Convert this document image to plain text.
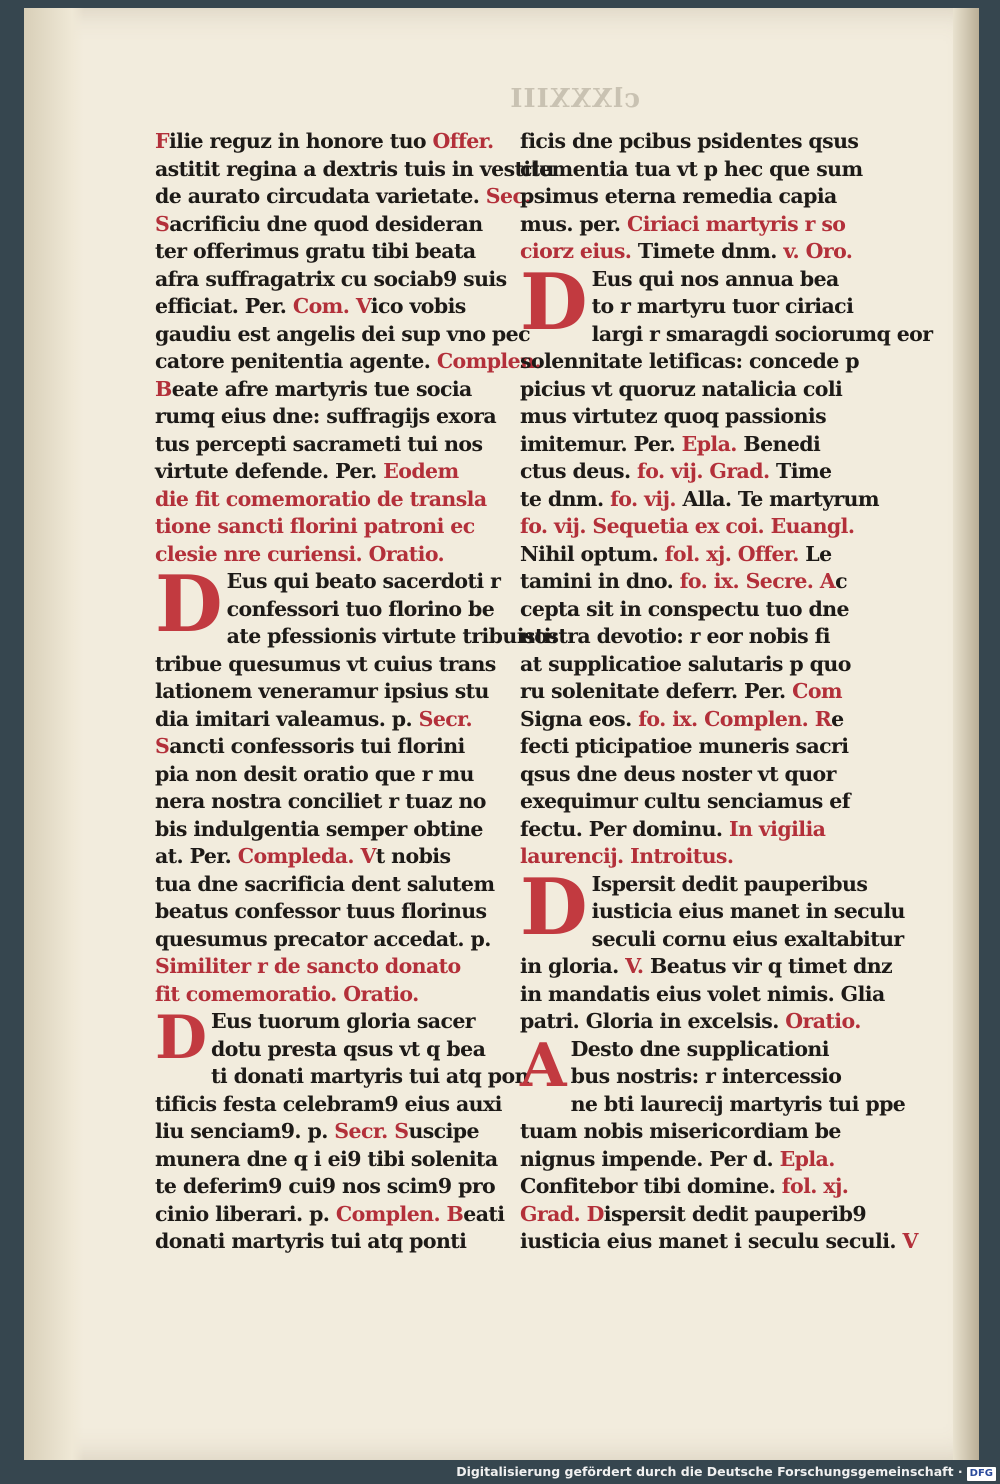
clXXXIII
Filie reguz in honore tuo Offer.
astitit regina a dextris tuis in vestitu
de aurato circudata varietate. Sec.
Sacrificiu dne quod desideran
ter offerimus gratu tibi beata
afra suffragatrix cu sociab9 suis
efficiat. Per. Com. Vico vobis
gaudiu est angelis dei sup vno pec
catore penitentia agente. Complen.
Beate afre martyris tue socia
rumq eius dne: suffragijs exora
tus percepti sacrameti tui nos
virtute defende. Per. Eodem
die fit comemoratio de transla
tione sancti florini patroni ec
clesie nre curiensi. Oratio.
D Eus qui beato sacerdoti r
confessori tuo florino be
ate pfessionis virtute tribuisti:
tribue quesumus vt cuius trans
lationem veneramur ipsius stu
dia imitari valeamus. p. Secr.
Sancti confessoris tui florini
pia non desit oratio que r mu
nera nostra conciliet r tuaz no
bis indulgentia semper obtine
at. Per. Compleda. Vt nobis
tua dne sacrificia dent salutem
beatus confessor tuus florinus
quesumus precator accedat. p.
Similiter r de sancto donato
fit comemoratio. Oratio.
D Eus tuorum gloria sacer
dotu presta qsus vt q bea
ti donati martyris tui atq pon
tificis festa celebram9 eius auxi
liu senciam9. p. Secr. Suscipe
munera dne q i ei9 tibi solenita
te deferim9 cui9 nos scim9 pro
cinio liberari. p. Complen. Beati
donati martyris tui atq ponti
ficis dne pcibus psidentes qsus
clementia tua vt p hec que sum
psimus eterna remedia capia
mus. per. Ciriaci martyris r so
ciorz eius. Timete dnm. v. Oro.
D Eus qui nos annua bea
to r martyru tuor ciriaci
largi r smaragdi sociorumq eor
solennitate letificas: concede p
picius vt quoruz natalicia coli
mus virtutez quoq passionis
imitemur. Per. Epla. Benedi
ctus deus. fo. vij. Grad. Time
te dnm. fo. vij. Alla. Te martyrum
fo. vij. Sequetia ex coi. Euangl.
Nihil optum. fol. xj. Offer. Le
tamini in dno. fo. ix. Secre. Ac
cepta sit in conspectu tuo dne
nostra devotio: r eor nobis fi
at supplicatioe salutaris p quo
ru solenitate deferr. Per. Com
Signa eos. fo. ix. Complen. Re
fecti pticipatioe muneris sacri
qsus dne deus noster vt quor
exequimur cultu senciamus ef
fectu. Per dominu. In vigilia
laurencij. Introitus.
D Ispersit dedit pauperibus
iusticia eius manet in seculu
seculi cornu eius exaltabitur
in gloria. V. Beatus vir q timet dnz
in mandatis eius volet nimis. Glia
patri. Gloria in excelsis. Oratio.
A Desto dne supplicationi
bus nostris: r intercessio
ne bti laurecij martyris tui ppe
tuam nobis misericordiam be
nignus impende. Per d. Epla.
Confitebor tibi domine. fol. xj.
Grad. Dispersit dedit pauperib9
iusticia eius manet i seculu seculi. V
Digitalisierung gefördert durch die Deutsche Forschungsgemeinschaft · DFG
